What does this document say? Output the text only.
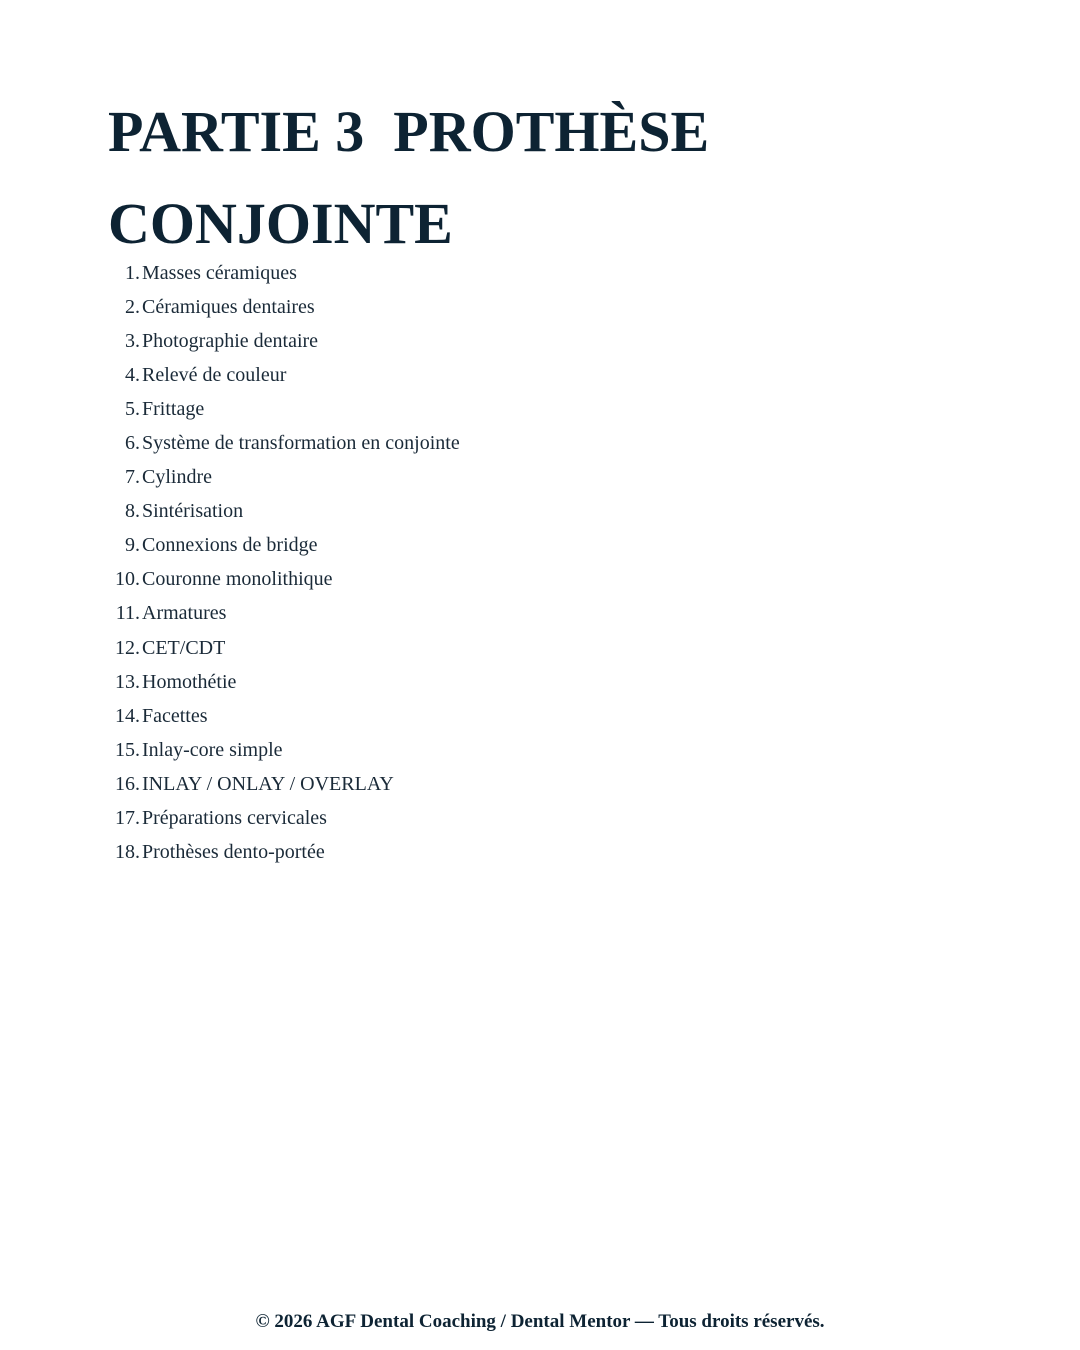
PARTIE 3  PROTHÈSE CONJOINTE
1. Masses céramiques
2. Céramiques dentaires
3. Photographie dentaire
4. Relevé de couleur
5. Frittage
6. Système de transformation en conjointe
7. Cylindre
8. Sintérisation
9. Connexions de bridge
10. Couronne monolithique
11. Armatures
12. CET/CDT
13. Homothétie
14. Facettes
15. Inlay-core simple
16. INLAY / ONLAY / OVERLAY
17. Préparations cervicales
18. Prothèses dento-portée
© 2026 AGF Dental Coaching / Dental Mentor — Tous droits réservés.
